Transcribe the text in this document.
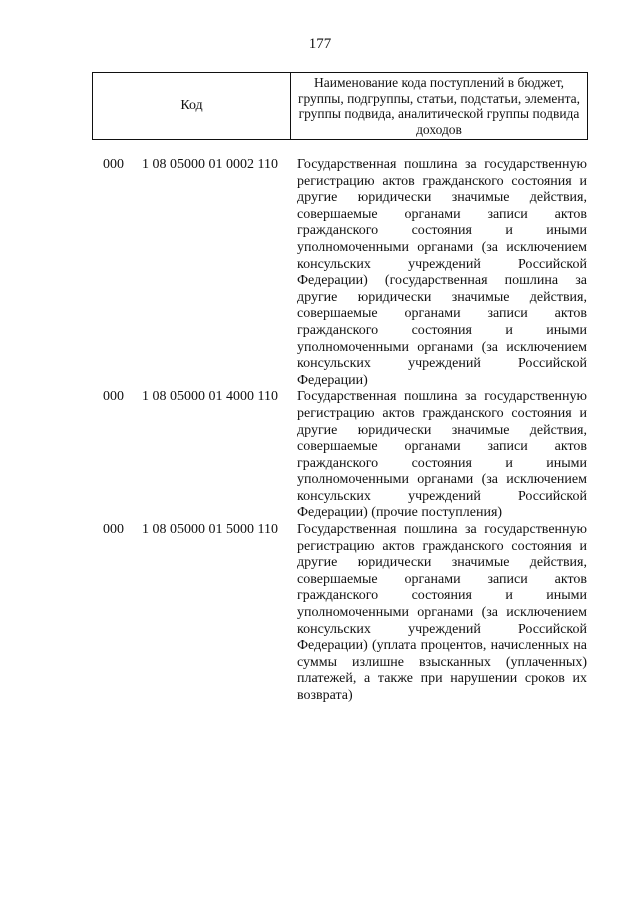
177
Код
Наименование кода поступлений в бюджет, группы, подгруппы, статьи, подстатьи, элемента, группы подвида, аналитической группы подвида доходов
000 1 08 05000 01 0002 110 Государственная пошлина за государственную регистрацию актов гражданского состояния и другие юридически значимые действия, совершаемые органами записи актов гражданского состояния и иными уполномоченными органами (за исключением консульских учреждений Российской Федерации) (государственная пошлина за другие юридически значимые действия, совершаемые органами записи актов гражданского состояния и иными уполномоченными органами (за исключением консульских учреждений Российской Федерации)
000 1 08 05000 01 4000 110 Государственная пошлина за государственную регистрацию актов гражданского состояния и другие юридически значимые действия, совершаемые органами записи актов гражданского состояния и иными уполномоченными органами (за исключением консульских учреждений Российской Федерации) (прочие поступления)
000 1 08 05000 01 5000 110 Государственная пошлина за государственную регистрацию актов гражданского состояния и другие юридически значимые действия, совершаемые органами записи актов гражданского состояния и иными уполномоченными органами (за исключением консульских учреждений Российской Федерации) (уплата процентов, начисленных на суммы излишне взысканных (уплаченных) платежей, а также при нарушении сроков их возврата)
